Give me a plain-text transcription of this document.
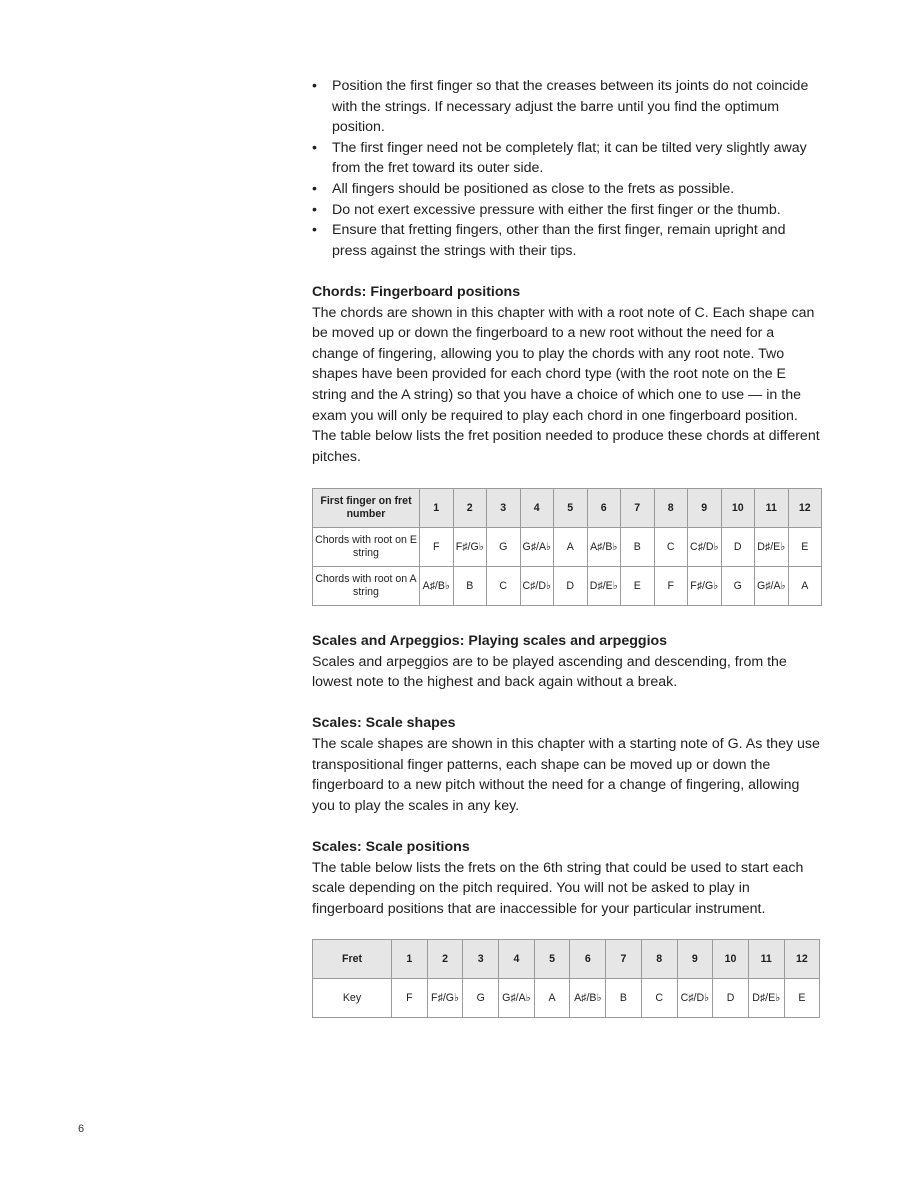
•	Position the first finger so that the creases between its joints do not coincide with the strings. If necessary adjust the barre until you find the optimum position.
•	The first finger need not be completely flat; it can be tilted very slightly away from the fret toward its outer side.
•	All fingers should be positioned as close to the frets as possible.
•	Do not exert excessive pressure with either the first finger or the thumb.
•	Ensure that fretting fingers, other than the first finger, remain upright and press against the strings with their tips.

Chords: Fingerboard positions

The chords are shown in this chapter with with a root note of C. Each shape can be moved up or down the fingerboard to a new root without the need for a change of fingering, allowing you to play the chords with any root note. Two shapes have been provided for each chord type (with the root note on the E string and the A string) so that you have a choice of which one to use — in the exam you will only be required to play each chord in one fingerboard position. The table below lists the fret position needed to produce these chords at different pitches.

First finger on fret number	1	2	3	4	5	6	7	8	9	10	11	12
Chords with root on E string	F	F♯/G♭	G	G♯/A♭	A	A♯/B♭	B	C	C♯/D♭	D	D♯/E♭	E
Chords with root on A string	A♯/B♭	B	C	C♯/D♭	D	D♯/E♭	E	F	F♯/G♭	G	G♯/A♭	A

Scales and Arpeggios: Playing scales and arpeggios

Scales and arpeggios are to be played ascending and descending, from the lowest note to the highest and back again without a break.

Scales: Scale shapes

The scale shapes are shown in this chapter with a starting note of G. As they use transpositional finger patterns, each shape can be moved up or down the fingerboard to a new pitch without the need for a change of fingering, allowing you to play the scales in any key.

Scales: Scale positions

The table below lists the frets on the 6th string that could be used to start each scale depending on the pitch required. You will not be asked to play in fingerboard positions that are inaccessible for your particular instrument.

Fret	1	2	3	4	5	6	7	8	9	10	11	12
Key	F	F♯/G♭	G	G♯/A♭	A	A♯/B♭	B	C	C♯/D♭	D	D♯/E♭	E
6
